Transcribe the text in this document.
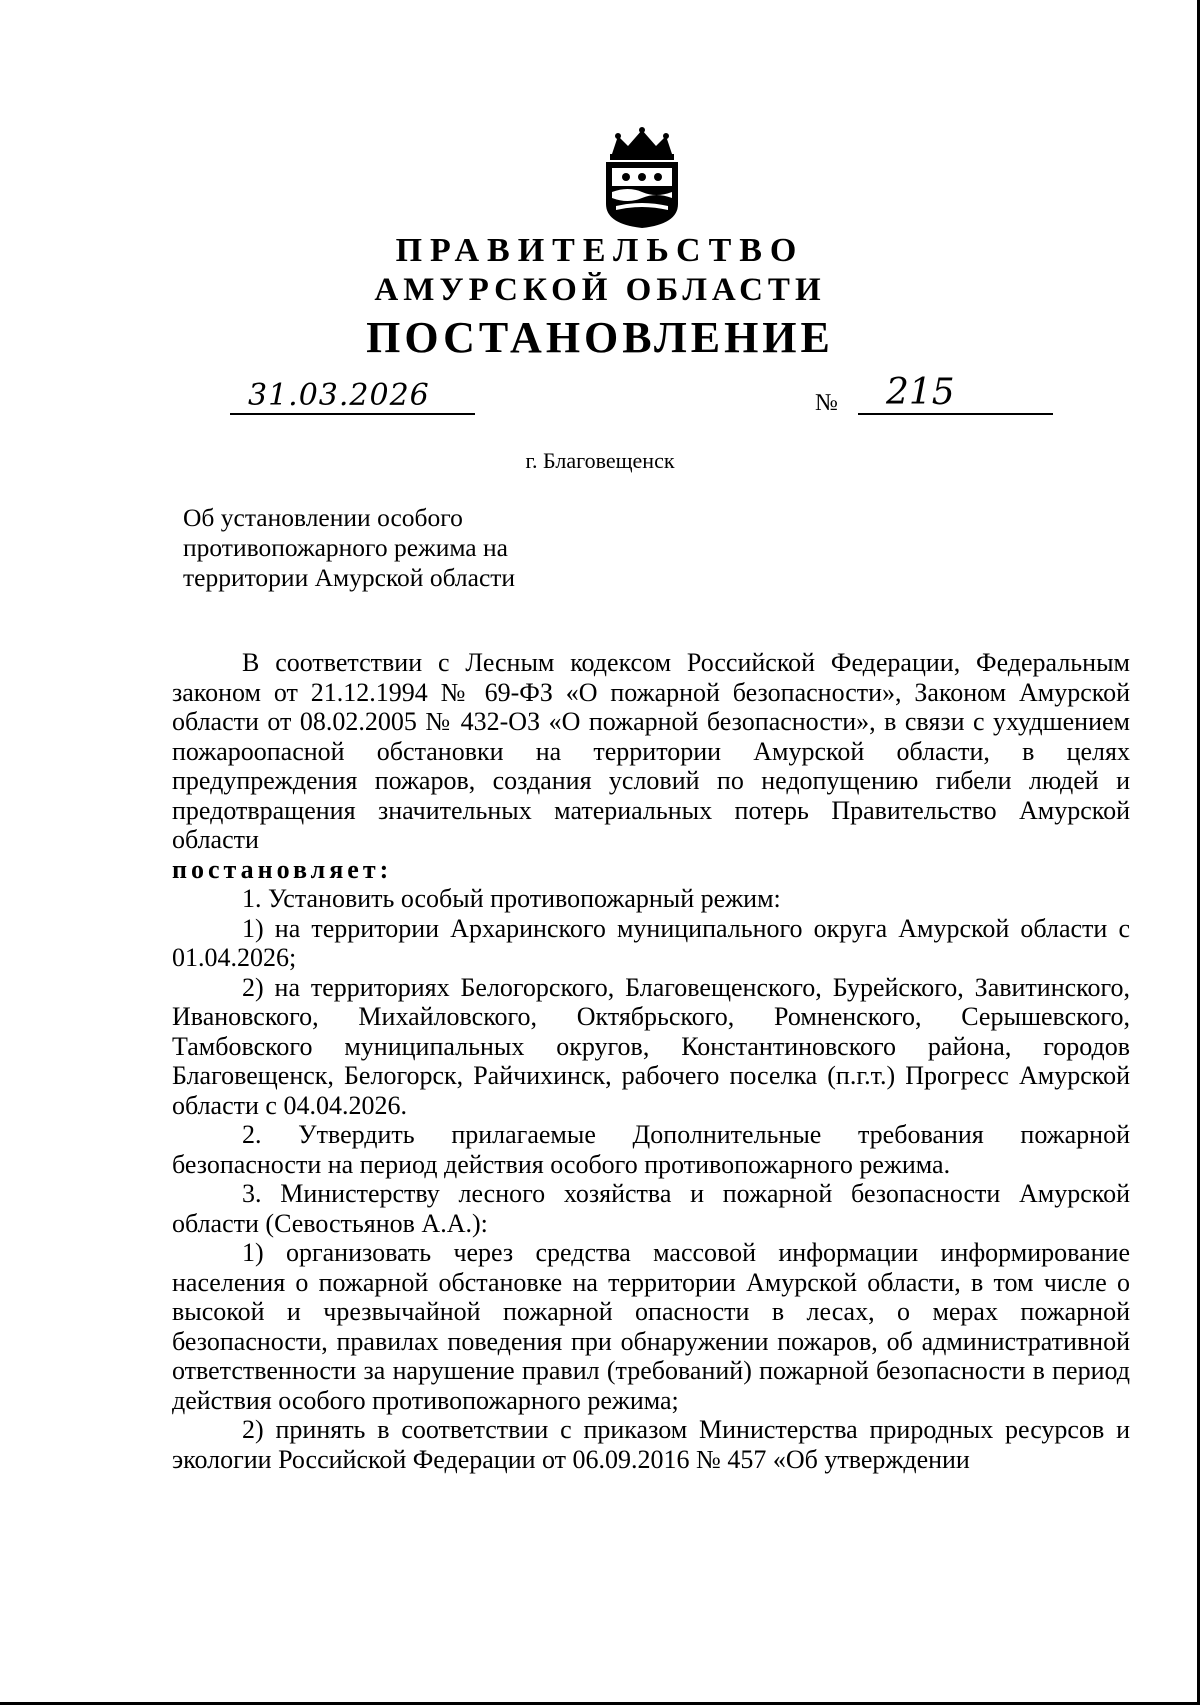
ПРАВИТЕЛЬСТВО
АМУРСКОЙ ОБЛАСТИ
ПОСТАНОВЛЕНИЕ
31.03.2026	№ 215
г. Благовещенск
Об установлении особого
противопожарного режима на
территории Амурской области

В соответствии с Лесным кодексом Российской Федерации, Федеральным законом от 21.12.1994 № 69-ФЗ «О пожарной безопасности», Законом Амурской области от 08.02.2005 № 432-ОЗ «О пожарной безопасности», в связи с ухудшением пожароопасной обстановки на территории Амурской области, в целях предупреждения пожаров, создания условий по недопущению гибели людей и предотвращения значительных материальных потерь Правительство Амурской области

постановляет:

1. Установить особый противопожарный режим:

1) на территории Архаринского муниципального округа Амурской области с 01.04.2026;

2) на территориях Белогорского, Благовещенского, Бурейского, Завитинского, Ивановского, Михайловского, Октябрьского, Ромненского, Серышевского, Тамбовского муниципальных округов, Константиновского района, городов Благовещенск, Белогорск, Райчихинск, рабочего поселка (п.г.т.) Прогресс Амурской области с 04.04.2026.

2. Утвердить прилагаемые Дополнительные требования пожарной безопасности на период действия особого противопожарного режима.

3. Министерству лесного хозяйства и пожарной безопасности Амурской области (Севостьянов А.А.):

1) организовать через средства массовой информации информирование населения о пожарной обстановке на территории Амурской области, в том числе о высокой и чрезвычайной пожарной опасности в лесах, о мерах пожарной безопасности, правилах поведения при обнаружении пожаров, об административной ответственности за нарушение правил (требований) пожарной безопасности в период действия особого противопожарного режима;

2) принять в соответствии с приказом Министерства природных ресурсов и экологии Российской Федерации от 06.09.2016 № 457 «Об утверждении
